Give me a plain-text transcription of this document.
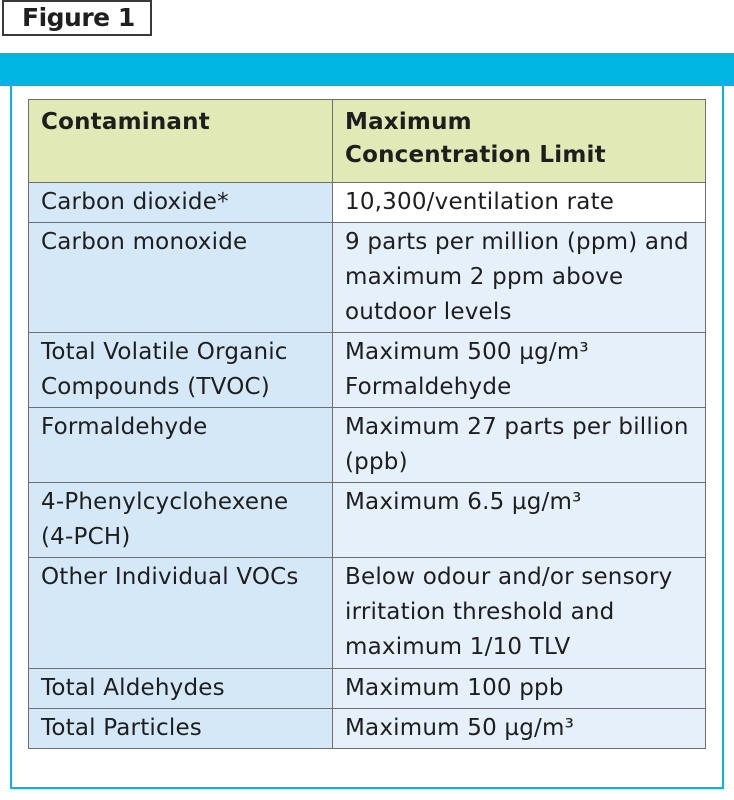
Figure 1
Contaminant	Maximum
Concentration Limit
Carbon dioxide*	10,300/ventilation rate
Carbon monoxide	9 parts per million (ppm) and maximum 2 ppm above outdoor levels
Total Volatile Organic Compounds (TVOC)	Maximum 500 µg/m³ Formaldehyde
Formaldehyde	Maximum 27 parts per billion (ppb)
4-Phenylcyclohexene (4-PCH)	Maximum 6.5 µg/m³
Other Individual VOCs	Below odour and/or sensory irritation threshold and maximum 1/10 TLV
Total Aldehydes	Maximum 100 ppb
Total Particles	Maximum 50 µg/m³
